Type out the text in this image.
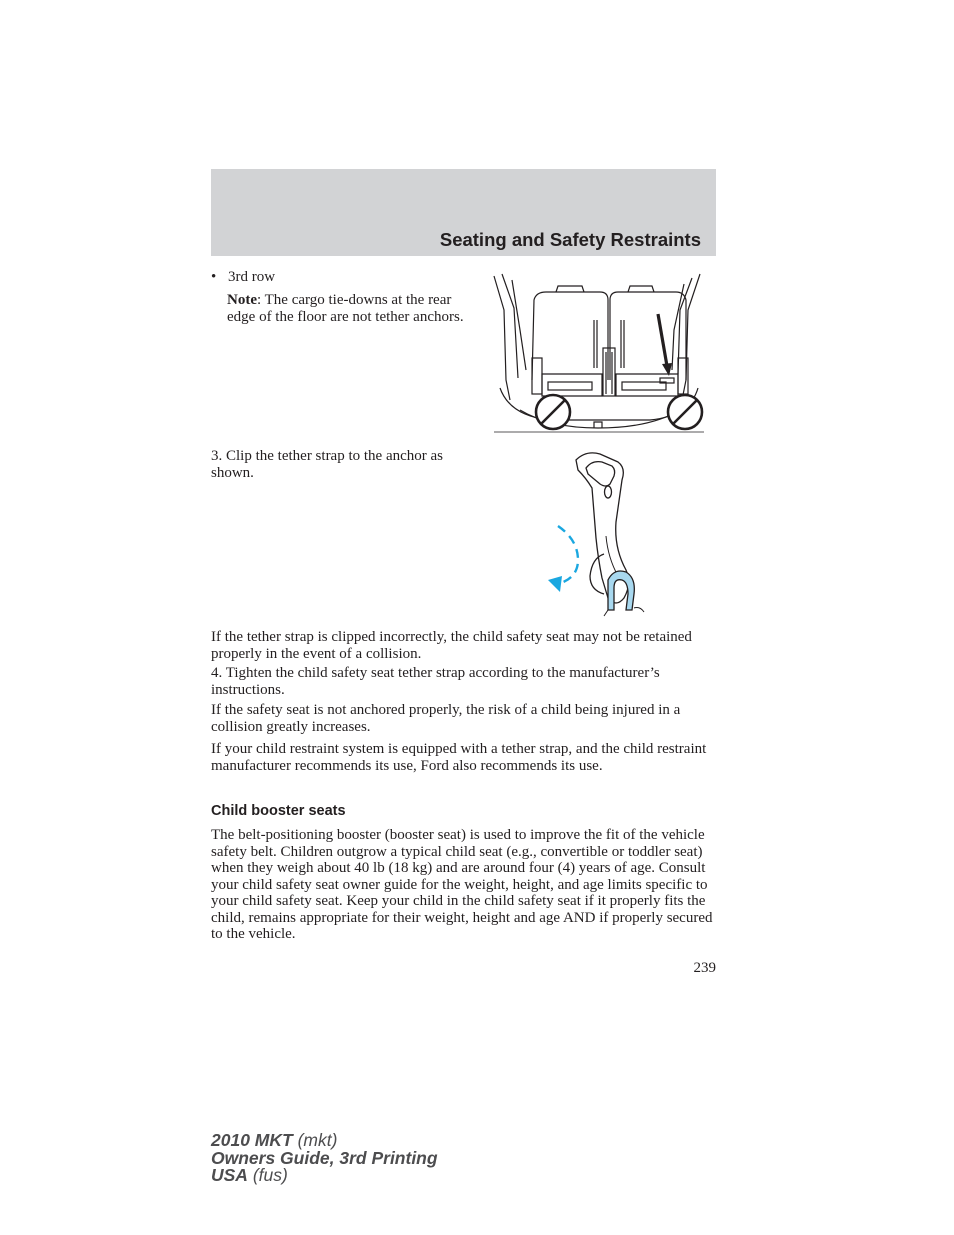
Seating and Safety Restraints

• 3rd row

Note: The cargo tie-downs at the rear edge of the floor are not tether anchors.

3. Clip the tether strap to the anchor as shown.

If the tether strap is clipped incorrectly, the child safety seat may not be retained properly in the event of a collision.

4. Tighten the child safety seat tether strap according to the manufacturer’s instructions.

If the safety seat is not anchored properly, the risk of a child being injured in a collision greatly increases.

If your child restraint system is equipped with a tether strap, and the child restraint manufacturer recommends its use, Ford also recommends its use.

Child booster seats

The belt-positioning booster (booster seat) is used to improve the fit of the vehicle safety belt. Children outgrow a typical child seat (e.g., convertible or toddler seat) when they weigh about 40 lb (18 kg) and are around four (4) years of age. Consult your child safety seat owner guide for the weight, height, and age limits specific to your child safety seat. Keep your child in the child safety seat if it properly fits the child, remains appropriate for their weight, height and age AND if properly secured to the vehicle.

239
2010 MKT (mkt)
Owners Guide, 3rd Printing
USA (fus)
